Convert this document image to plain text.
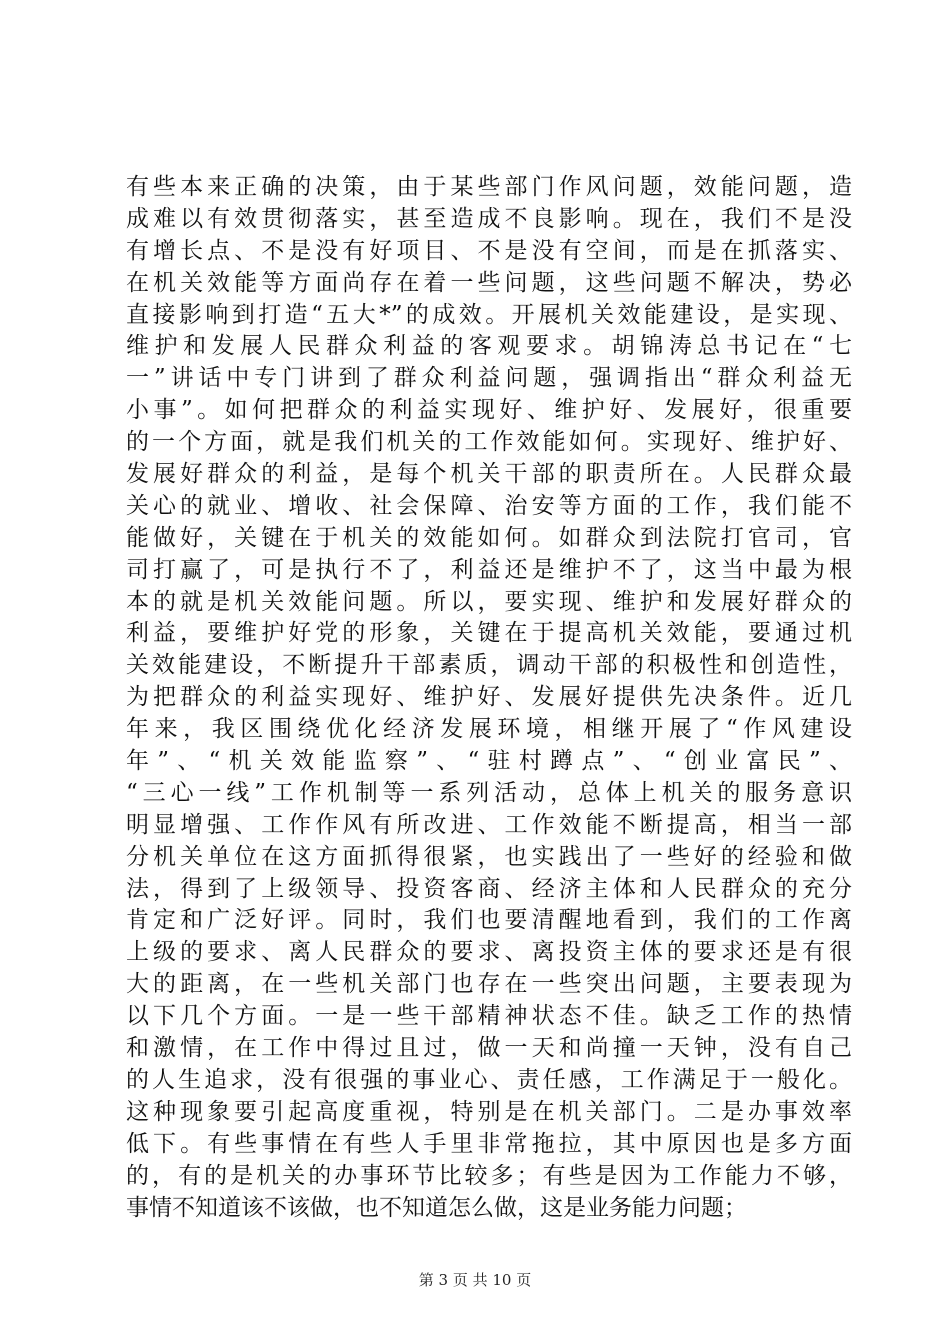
有些本来正确的决策，由于某些部门作风问题，效能问题，造
成难以有效贯彻落实，甚至造成不良影响。现在，我们不是没
有增长点、不是没有好项目、不是没有空间，而是在抓落实、
在机关效能等方面尚存在着一些问题，这些问题不解决，势必
直接影响到打造“五大*”的成效。开展机关效能建设，是实现、
维护和发展人民群众利益的客观要求。胡锦涛总书记在“七
一”讲话中专门讲到了群众利益问题，强调指出“群众利益无
小事”。如何把群众的利益实现好、维护好、发展好，很重要
的一个方面，就是我们机关的工作效能如何。实现好、维护好、
发展好群众的利益，是每个机关干部的职责所在。人民群众最
关心的就业、增收、社会保障、治安等方面的工作，我们能不
能做好，关键在于机关的效能如何。如群众到法院打官司，官
司打赢了，可是执行不了，利益还是维护不了，这当中最为根
本的就是机关效能问题。所以，要实现、维护和发展好群众的
利益，要维护好党的形象，关键在于提高机关效能，要通过机
关效能建设，不断提升干部素质，调动干部的积极性和创造性，
为把群众的利益实现好、维护好、发展好提供先决条件。近几
年来，我区围绕优化经济发展环境，相继开展了“作风建设
年”、“机关效能监察”、“驻村蹲点”、“创业富民”、
“三心一线”工作机制等一系列活动，总体上机关的服务意识
明显增强、工作作风有所改进、工作效能不断提高，相当一部
分机关单位在这方面抓得很紧，也实践出了一些好的经验和做
法，得到了上级领导、投资客商、经济主体和人民群众的充分
肯定和广泛好评。同时，我们也要清醒地看到，我们的工作离
上级的要求、离人民群众的要求、离投资主体的要求还是有很
大的距离，在一些机关部门也存在一些突出问题，主要表现为
以下几个方面。一是一些干部精神状态不佳。缺乏工作的热情
和激情，在工作中得过且过，做一天和尚撞一天钟，没有自己
的人生追求，没有很强的事业心、责任感，工作满足于一般化。
这种现象要引起高度重视，特别是在机关部门。二是办事效率
低下。有些事情在有些人手里非常拖拉，其中原因也是多方面
的，有的是机关的办事环节比较多；有些是因为工作能力不够，
事情不知道该不该做，也不知道怎么做，这是业务能力问题；
第 3 页 共 10 页
